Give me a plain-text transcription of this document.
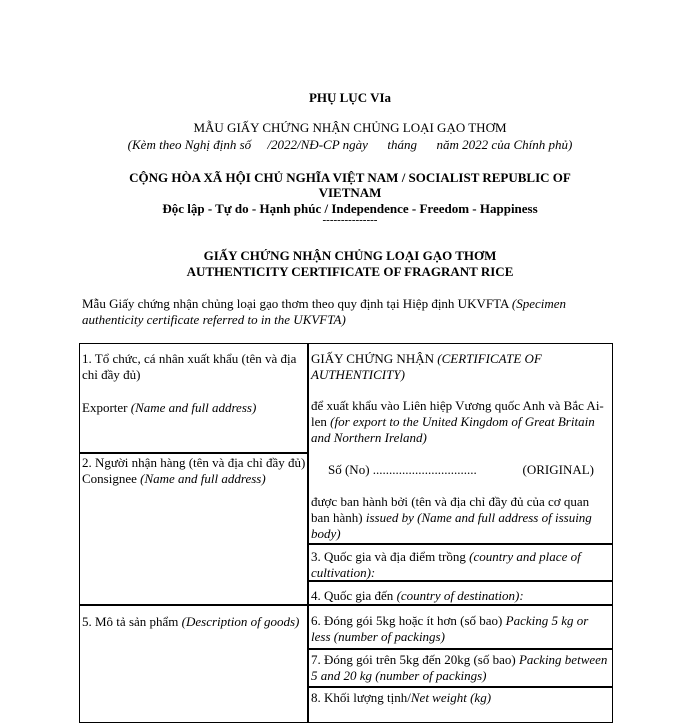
PHỤ LỤC VIa
MẪU GIẤY CHỨNG NHẬN CHỦNG LOẠI GẠO THƠM
(Kèm theo Nghị định số     /2022/NĐ-CP ngày      tháng      năm 2022 của Chính phủ)
CỘNG HÒA XÃ HỘI CHỦ NGHĨA VIỆT NAM / SOCIALIST REPUBLIC OF
VIETNAM
Độc lập - Tự do - Hạnh phúc / Independence - Freedom - Happiness
---------------
GIẤY CHỨNG NHẬN CHỦNG LOẠI GẠO THƠM
AUTHENTICITY CERTIFICATE OF FRAGRANT RICE
Mẫu Giấy chứng nhận chủng loại gạo thơm theo quy định tại Hiệp định UKVFTA (Specimen authenticity certificate referred to in the UKVFTA)
1. Tổ chức, cá nhân xuất khẩu (tên và địa chỉ đầy đủ)
Exporter (Name and full address)
2. Người nhận hàng (tên và địa chỉ đầy đủ) Consignee (Name and full address)
5. Mô tả sản phẩm (Description of goods)
GIẤY CHỨNG NHẬN (CERTIFICATE OF AUTHENTICITY)
để xuất khẩu vào Liên hiệp Vương quốc Anh và Bắc Ai- len (for export to the United Kingdom of Great Britain and Northern Ireland)
Số (No) ................................	(ORIGINAL)
được ban hành bởi (tên và địa chỉ đầy đủ của cơ quan ban hành) issued by (Name and full address of issuing body)
3. Quốc gia và địa điểm trồng (country and place of cultivation):
4. Quốc gia đến (country of destination):
6. Đóng gói 5kg hoặc ít hơn (số bao) Packing 5 kg or less (number of packings)
7. Đóng gói trên 5kg đến 20kg (số bao) Packing between 5 and 20 kg (number of packings)
8. Khối lượng tịnh/Net weight (kg)
